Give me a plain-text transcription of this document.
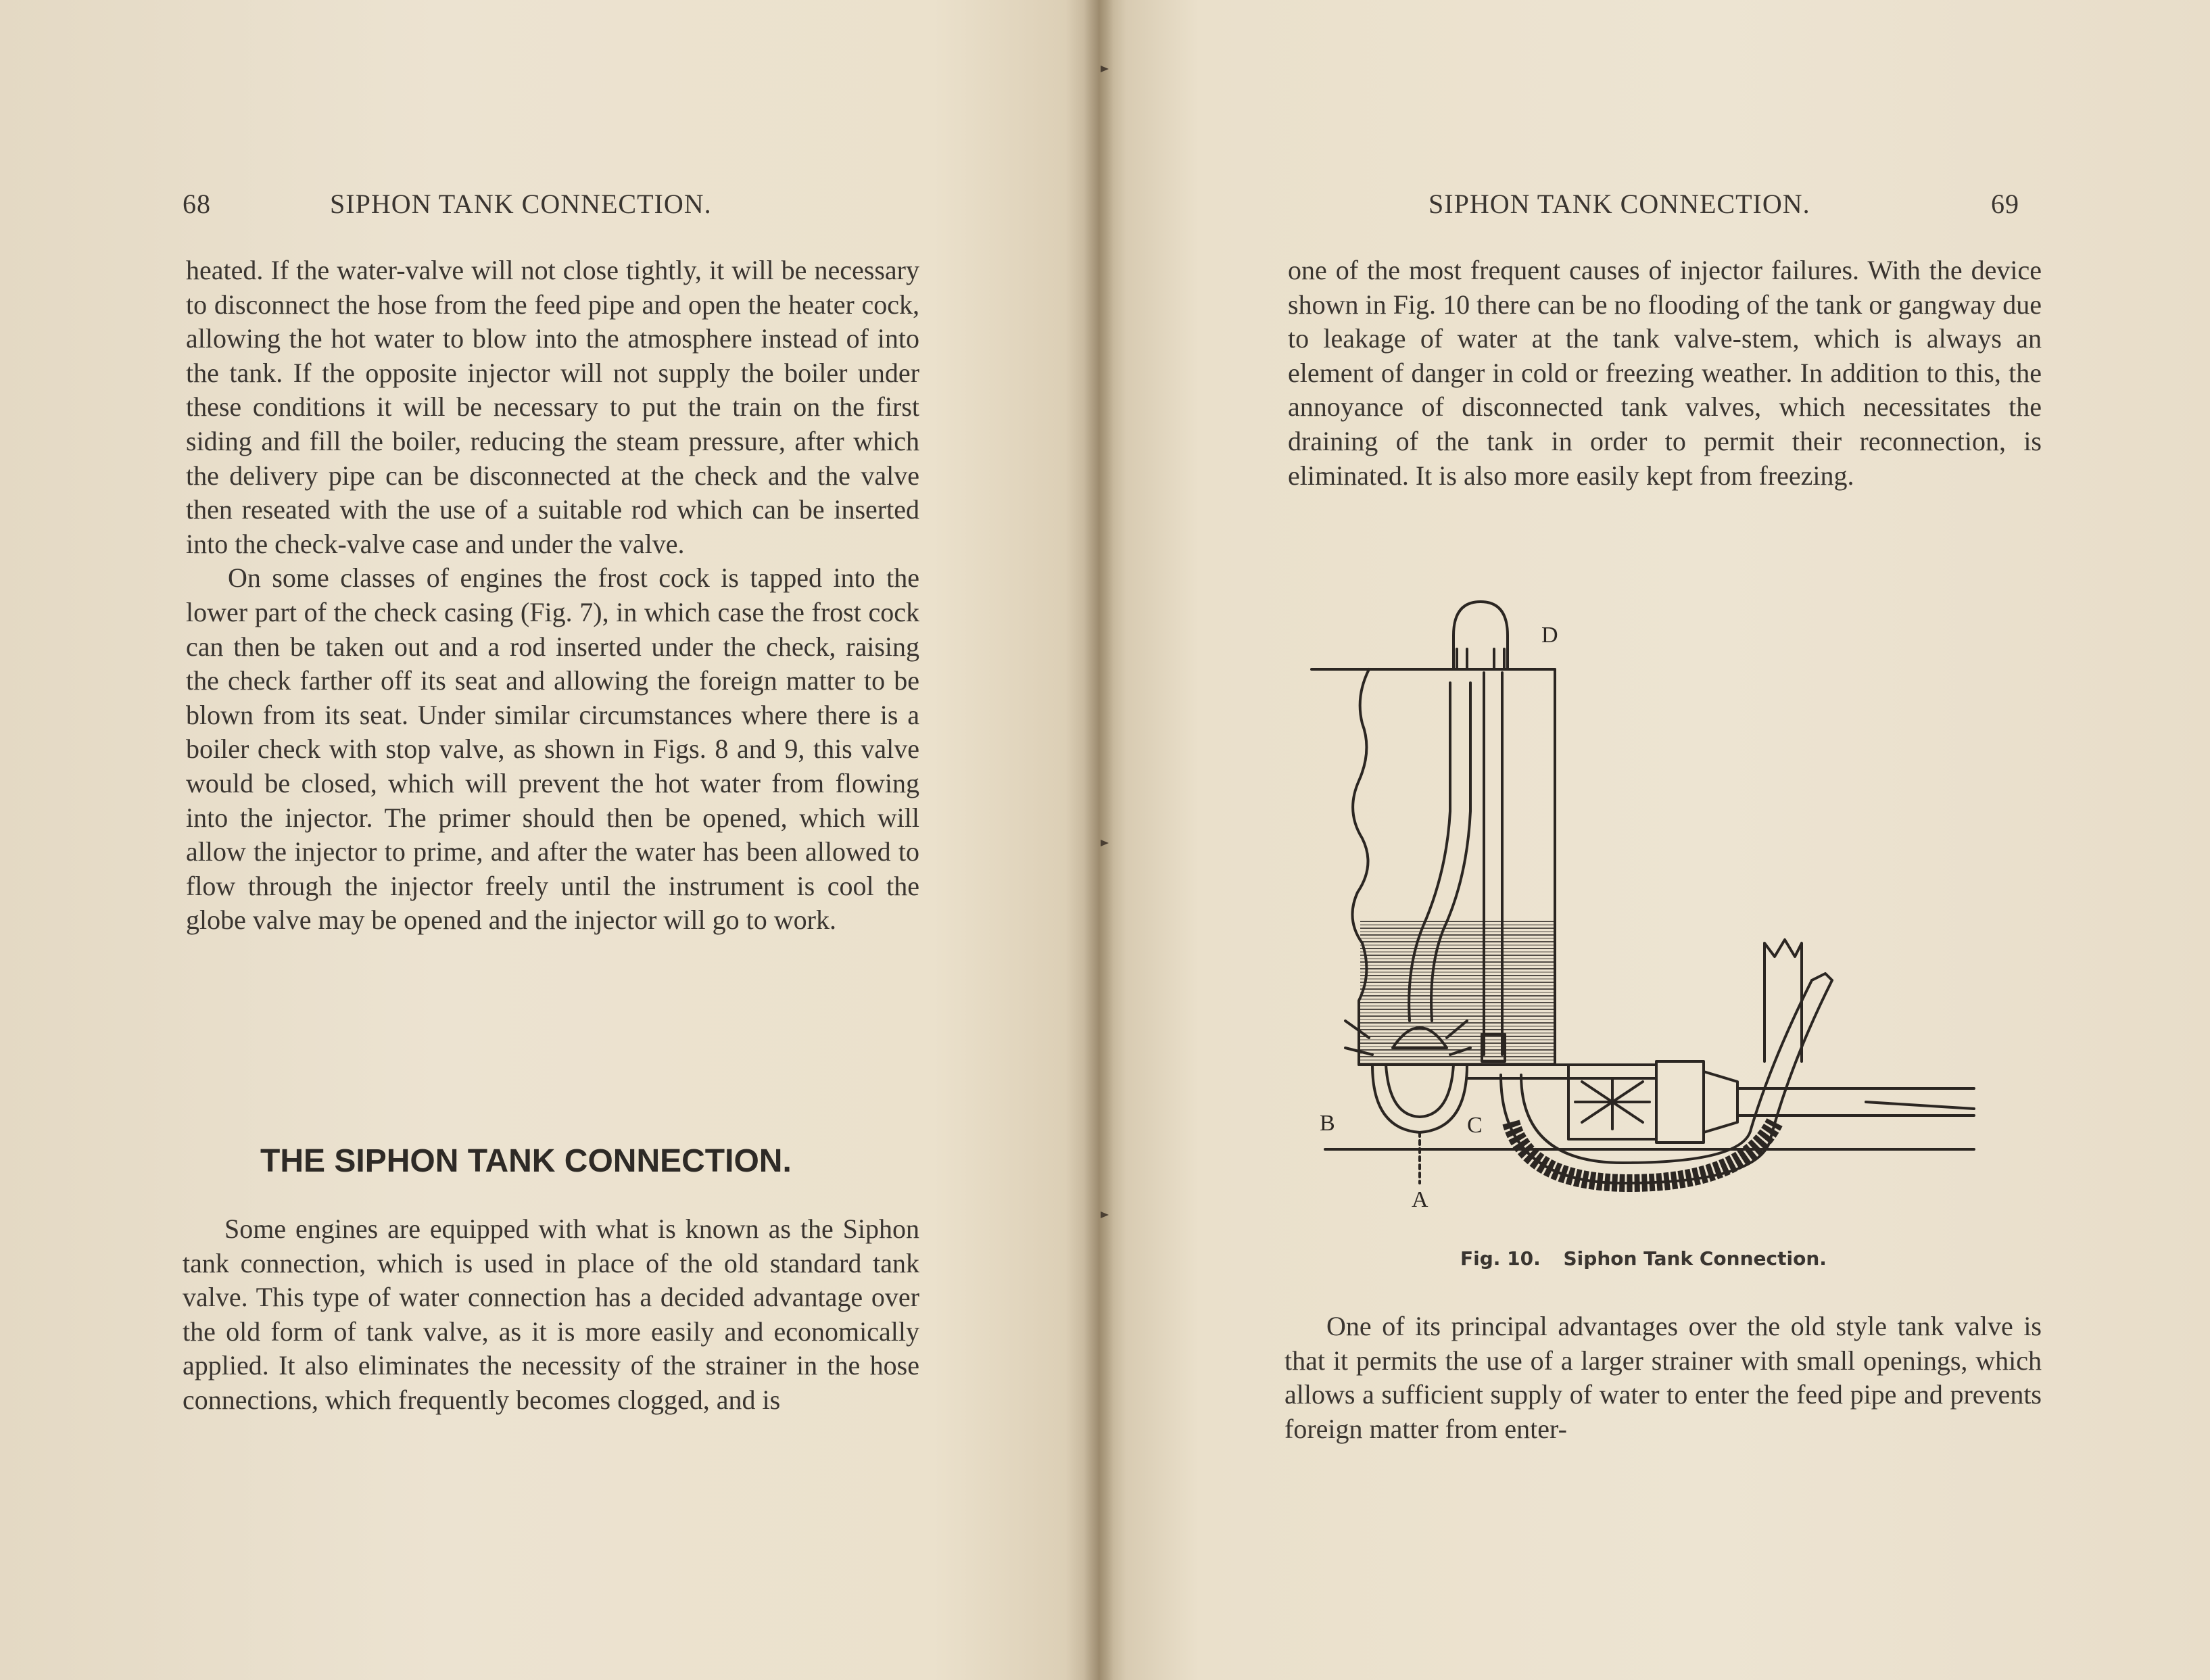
68	SIPHON TANK CONNECTION.

heated. If the water-valve will not close tightly, it will be necessary to disconnect the hose from the feed pipe and open the heater cock, allowing the hot water to blow into the atmosphere instead of into the tank. If the opposite injector will not supply the boiler under these conditions it will be necessary to put the train on the first siding and fill the boiler, reducing the steam pressure, after which the delivery pipe can be disconnected at the check and the valve then reseated with the use of a suitable rod which can be inserted into the check-valve case and under the valve.

On some classes of engines the frost cock is tapped into the lower part of the check casing (Fig. 7), in which case the frost cock can then be taken out and a rod inserted under the check, raising the check farther off its seat and allowing the foreign matter to be blown from its seat. Under similar circumstances where there is a boiler check with stop valve, as shown in Figs. 8 and 9, this valve would be closed, which will prevent the hot water from flowing into the injector. The primer should then be opened, which will allow the injector to prime, and after the water has been allowed to flow through the injector freely until the instrument is cool the globe valve may be opened and the injector will go to work.

THE SIPHON TANK CONNECTION.

Some engines are equipped with what is known as the Siphon tank connection, which is used in place of the old standard tank valve. This type of water connection has a decided advantage over the old form of tank valve, as it is more easily and economically applied. It also eliminates the necessity of the strainer in the hose connections, which frequently becomes clogged, and is

SIPHON TANK CONNECTION.	69

one of the most frequent causes of injector failures. With the device shown in Fig. 10 there can be no flooding of the tank or gangway due to leakage of water at the tank valve-stem, which is always an element of danger in cold or freezing weather. In addition to this, the annoyance of disconnected tank valves, which necessitates the draining of the tank in order to permit their reconnection, is eliminated. It is also more easily kept from freezing.

One of its principal advantages over the old style tank valve is that it permits the use of a larger strainer with small openings, which allows a sufficient supply of water to enter the feed pipe and prevents foreign matter from enter-

D
B	C
A
Fig. 10. Siphon Tank Connection.
